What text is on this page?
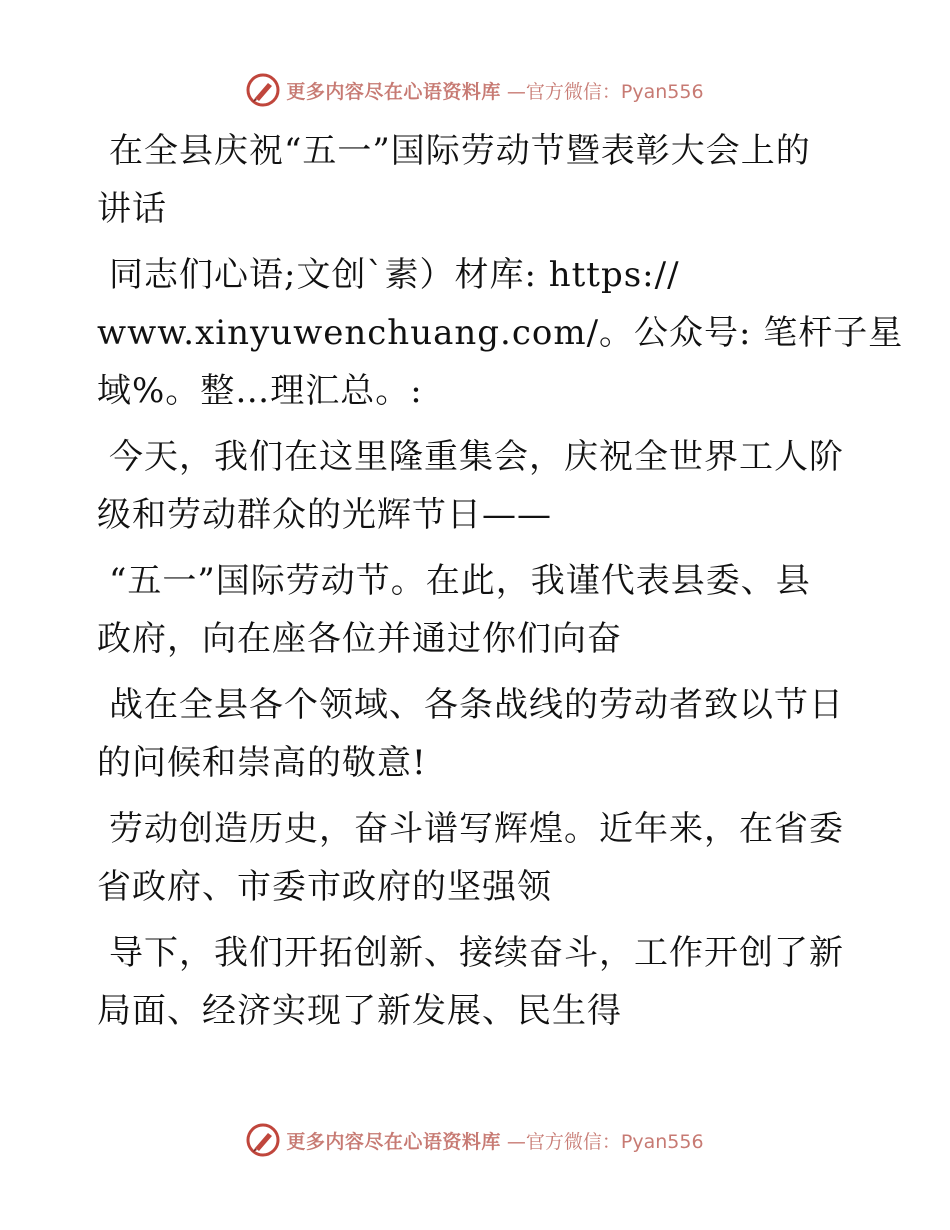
更多内容尽在心语资料库 —官方微信：Pyan556

在全县庆祝“五一”国际劳动节暨表彰大会上的
讲话

同志们心语;文创`素）材库: https://
www.xinyuwenchuang.com/。公众号: 笔杆子星
域%。整…理汇总。:

今天，我们在这里隆重集会，庆祝全世界工人阶
级和劳动群众的光辉节日——

“五一”国际劳动节。在此，我谨代表县委、县
政府，向在座各位并通过你们向奋

战在全县各个领域、各条战线的劳动者致以节日
的问候和崇高的敬意!

劳动创造历史，奋斗谱写辉煌。近年来，在省委
省政府、市委市政府的坚强领

导下，我们开拓创新、接续奋斗，工作开创了新
局面、经济实现了新发展、民生得

更多内容尽在心语资料库 —官方微信：Pyan556
